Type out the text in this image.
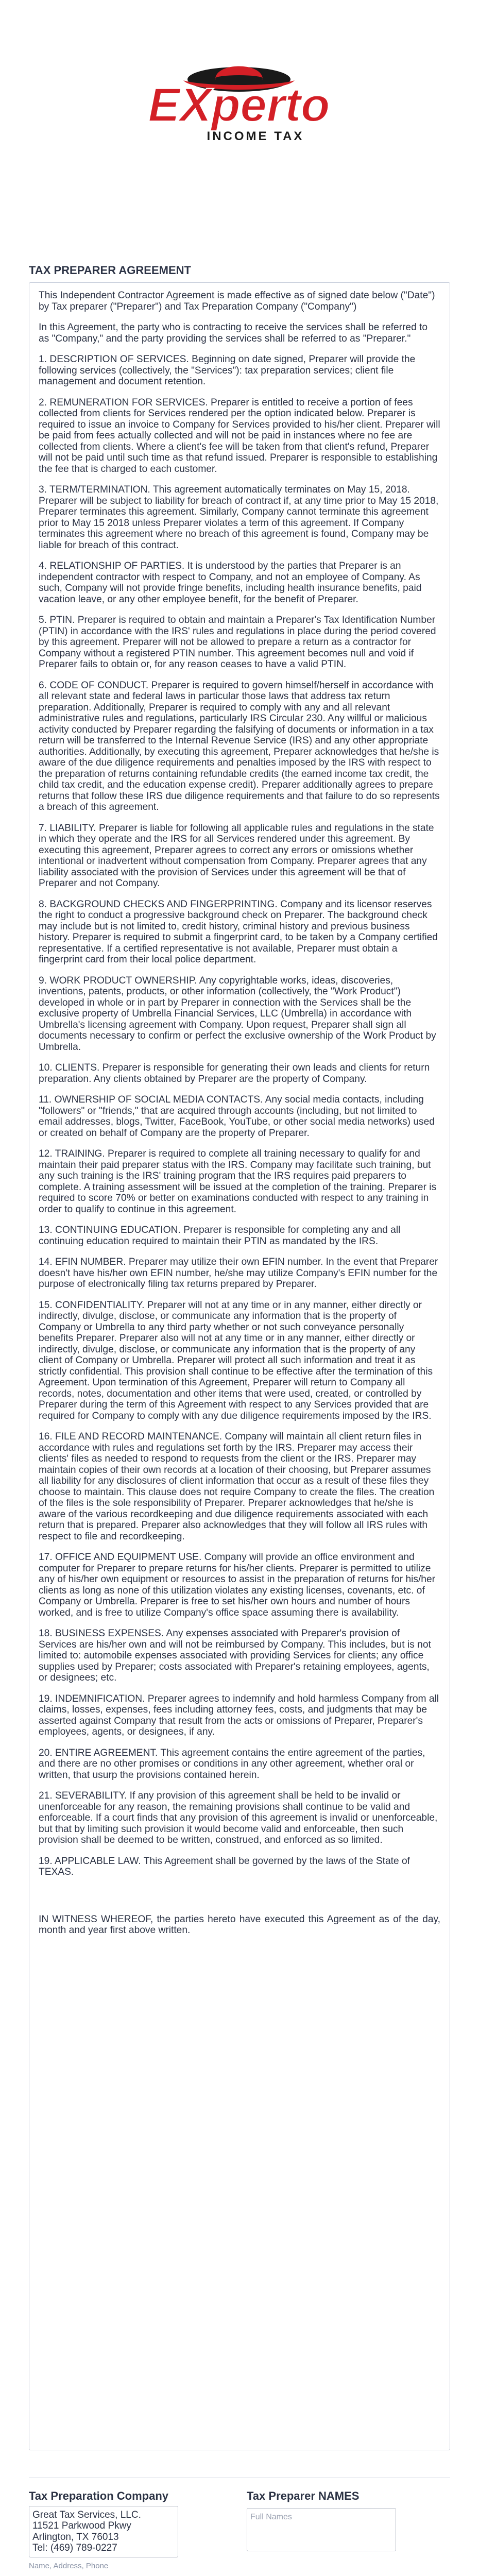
EXperto
INCOME TAX
TAX PREPARER AGREEMENT

This Independent Contractor Agreement is made effective as of signed date below ("Date") by Tax preparer ("Preparer") and Tax Preparation Company ("Company")

In this Agreement, the party who is contracting to receive the services shall be referred to as "Company," and the party providing the services shall be referred to as "Preparer."

1. DESCRIPTION OF SERVICES. Beginning on date signed, Preparer will provide the following services (collectively, the "Services"): tax preparation services; client file management and document retention.

2. REMUNERATION FOR SERVICES. Preparer is entitled to receive a portion of fees collected from clients for Services rendered per the option indicated below. Preparer is required to issue an invoice to Company for Services provided to his/her client. Preparer will be paid from fees actually collected and will not be paid in instances where no fee are collected from clients. Where a client's fee will be taken from that client's refund, Preparer will not be paid until such time as that refund issued. Preparer is responsible to establishing the fee that is charged to each customer.

3. TERM/TERMINATION. This agreement automatically terminates on May 15, 2018. Preparer will be subject to liability for breach of contract if, at any time prior to May 15 2018, Preparer terminates this agreement. Similarly, Company cannot terminate this agreement prior to May 15 2018 unless Preparer violates a term of this agreement. If Company terminates this agreement where no breach of this agreement is found, Company may be liable for breach of this contract.

4. RELATIONSHIP OF PARTIES. It is understood by the parties that Preparer is an independent contractor with respect to Company, and not an employee of Company. As such, Company will not provide fringe benefits, including health insurance benefits, paid vacation leave, or any other employee benefit, for the benefit of Preparer.

5. PTIN. Preparer is required to obtain and maintain a Preparer's Tax Identification Number (PTIN) in accordance with the IRS' rules and regulations in place during the period covered by this agreement. Preparer will not be allowed to prepare a return as a contractor for Company without a registered PTIN number. This agreement becomes null and void if Preparer fails to obtain or, for any reason ceases to have a valid PTIN.

6. CODE OF CONDUCT. Preparer is required to govern himself/herself in accordance with all relevant state and federal laws in particular those laws that address tax return preparation. Additionally, Preparer is required to comply with any and all relevant administrative rules and regulations, particularly IRS Circular 230. Any willful or malicious activity conducted by Preparer regarding the falsifying of documents or information in a tax return will be transferred to the Internal Revenue Service (IRS) and any other appropriate authorities. Additionally, by executing this agreement, Preparer acknowledges that he/she is aware of the due diligence requirements and penalties imposed by the IRS with respect to the preparation of returns containing refundable credits (the earned income tax credit, the child tax credit, and the education expense credit). Preparer additionally agrees to prepare returns that follow these IRS due diligence requirements and that failure to do so represents a breach of this agreement.

7. LIABILITY. Preparer is liable for following all applicable rules and regulations in the state in which they operate and the IRS for all Services rendered under this agreement. By executing this agreement, Preparer agrees to correct any errors or omissions whether intentional or inadvertent without compensation from Company. Preparer agrees that any liability associated with the provision of Services under this agreement will be that of Preparer and not Company.

8. BACKGROUND CHECKS AND FINGERPRINTING. Company and its licensor reserves the right to conduct a progressive background check on Preparer. The background check may include but is not limited to, credit history, criminal history and previous business history. Preparer is required to submit a fingerprint card, to be taken by a Company certified representative. If a certified representative is not available, Preparer must obtain a fingerprint card from their local police department.

9. WORK PRODUCT OWNERSHIP. Any copyrightable works, ideas, discoveries, inventions, patents, products, or other information (collectively, the "Work Product") developed in whole or in part by Preparer in connection with the Services shall be the exclusive property of Umbrella Financial Services, LLC (Umbrella) in accordance with Umbrella's licensing agreement with Company. Upon request, Preparer shall sign all documents necessary to confirm or perfect the exclusive ownership of the Work Product by Umbrella.

10. CLIENTS. Preparer is responsible for generating their own leads and clients for return preparation. Any clients obtained by Preparer are the property of Company.

11. OWNERSHIP OF SOCIAL MEDIA CONTACTS. Any social media contacts, including "followers" or "friends," that are acquired through accounts (including, but not limited to email addresses, blogs, Twitter, FaceBook, YouTube, or other social media networks) used or created on behalf of Company are the property of Preparer.

12. TRAINING. Preparer is required to complete all training necessary to qualify for and maintain their paid preparer status with the IRS. Company may facilitate such training, but any such training is the IRS' training program that the IRS requires paid preparers to complete. A training assessment will be issued at the completion of the training. Preparer is required to score 70% or better on examinations conducted with respect to any training in order to qualify to continue in this agreement.

13. CONTINUING EDUCATION. Preparer is responsible for completing any and all continuing education required to maintain their PTIN as mandated by the IRS.

14. EFIN NUMBER. Preparer may utilize their own EFIN number. In the event that Preparer doesn't have his/her own EFIN number, he/she may utilize Company's EFIN number for the purpose of electronically filing tax returns prepared by Preparer.

15. CONFIDENTIALITY. Preparer will not at any time or in any manner, either directly or indirectly, divulge, disclose, or communicate any information that is the property of Company or Umbrella to any third party whether or not such conveyance personally benefits Preparer. Preparer also will not at any time or in any manner, either directly or indirectly, divulge, disclose, or communicate any information that is the property of any client of Company or Umbrella. Preparer will protect all such information and treat it as strictly confidential. This provision shall continue to be effective after the termination of this Agreement. Upon termination of this Agreement, Preparer will return to Company all records, notes, documentation and other items that were used, created, or controlled by Preparer during the term of this Agreement with respect to any Services provided that are required for Company to comply with any due diligence requirements imposed by the IRS.

16. FILE AND RECORD MAINTENANCE. Company will maintain all client return files in accordance with rules and regulations set forth by the IRS. Preparer may access their clients' files as needed to respond to requests from the client or the IRS. Preparer may maintain copies of their own records at a location of their choosing, but Preparer assumes all liability for any disclosures of client information that occur as a result of these files they choose to maintain. This clause does not require Company to create the files. The creation of the files is the sole responsibility of Preparer. Preparer acknowledges that he/she is aware of the various recordkeeping and due diligence requirements associated with each return that is prepared. Preparer also acknowledges that they will follow all IRS rules with respect to file and recordkeeping.

17. OFFICE AND EQUIPMENT USE. Company will provide an office environment and computer for Preparer to prepare returns for his/her clients. Preparer is permitted to utilize any of his/her own equipment or resources to assist in the preparation of returns for his/her clients as long as none of this utilization violates any existing licenses, covenants, etc. of Company or Umbrella. Preparer is free to set his/her own hours and number of hours worked, and is free to utilize Company's office space assuming there is availability.

18. BUSINESS EXPENSES. Any expenses associated with Preparer's provision of Services are his/her own and will not be reimbursed by Company. This includes, but is not limited to: automobile expenses associated with providing Services for clients; any office supplies used by Preparer; costs associated with Preparer's retaining employees, agents, or designees; etc.

19. INDEMNIFICATION. Preparer agrees to indemnify and hold harmless Company from all claims, losses, expenses, fees including attorney fees, costs, and judgments that may be asserted against Company that result from the acts or omissions of Preparer, Preparer's employees, agents, or designees, if any.

20. ENTIRE AGREEMENT. This agreement contains the entire agreement of the parties, and there are no other promises or conditions in any other agreement, whether oral or written, that usurp the provisions contained herein.

21. SEVERABILITY. If any provision of this agreement shall be held to be invalid or unenforceable for any reason, the remaining provisions shall continue to be valid and enforceable. If a court finds that any provision of this agreement is invalid or unenforceable, but that by limiting such provision it would become valid and enforceable, then such provision shall be deemed to be written, construed, and enforced as so limited.

19. APPLICABLE LAW. This Agreement shall be governed by the laws of the State of TEXAS.

IN WITNESS WHEREOF, the parties hereto have executed this Agreement as of the day, month and year first above written.

Tax Preparation Company
Great Tax Services, LLC.
11521 Parkwood Pkwy
Arlington, TX 76013
Tel: (469) 789-0227
Name, Address, Phone
Tax Preparer NAMES
Full Names
